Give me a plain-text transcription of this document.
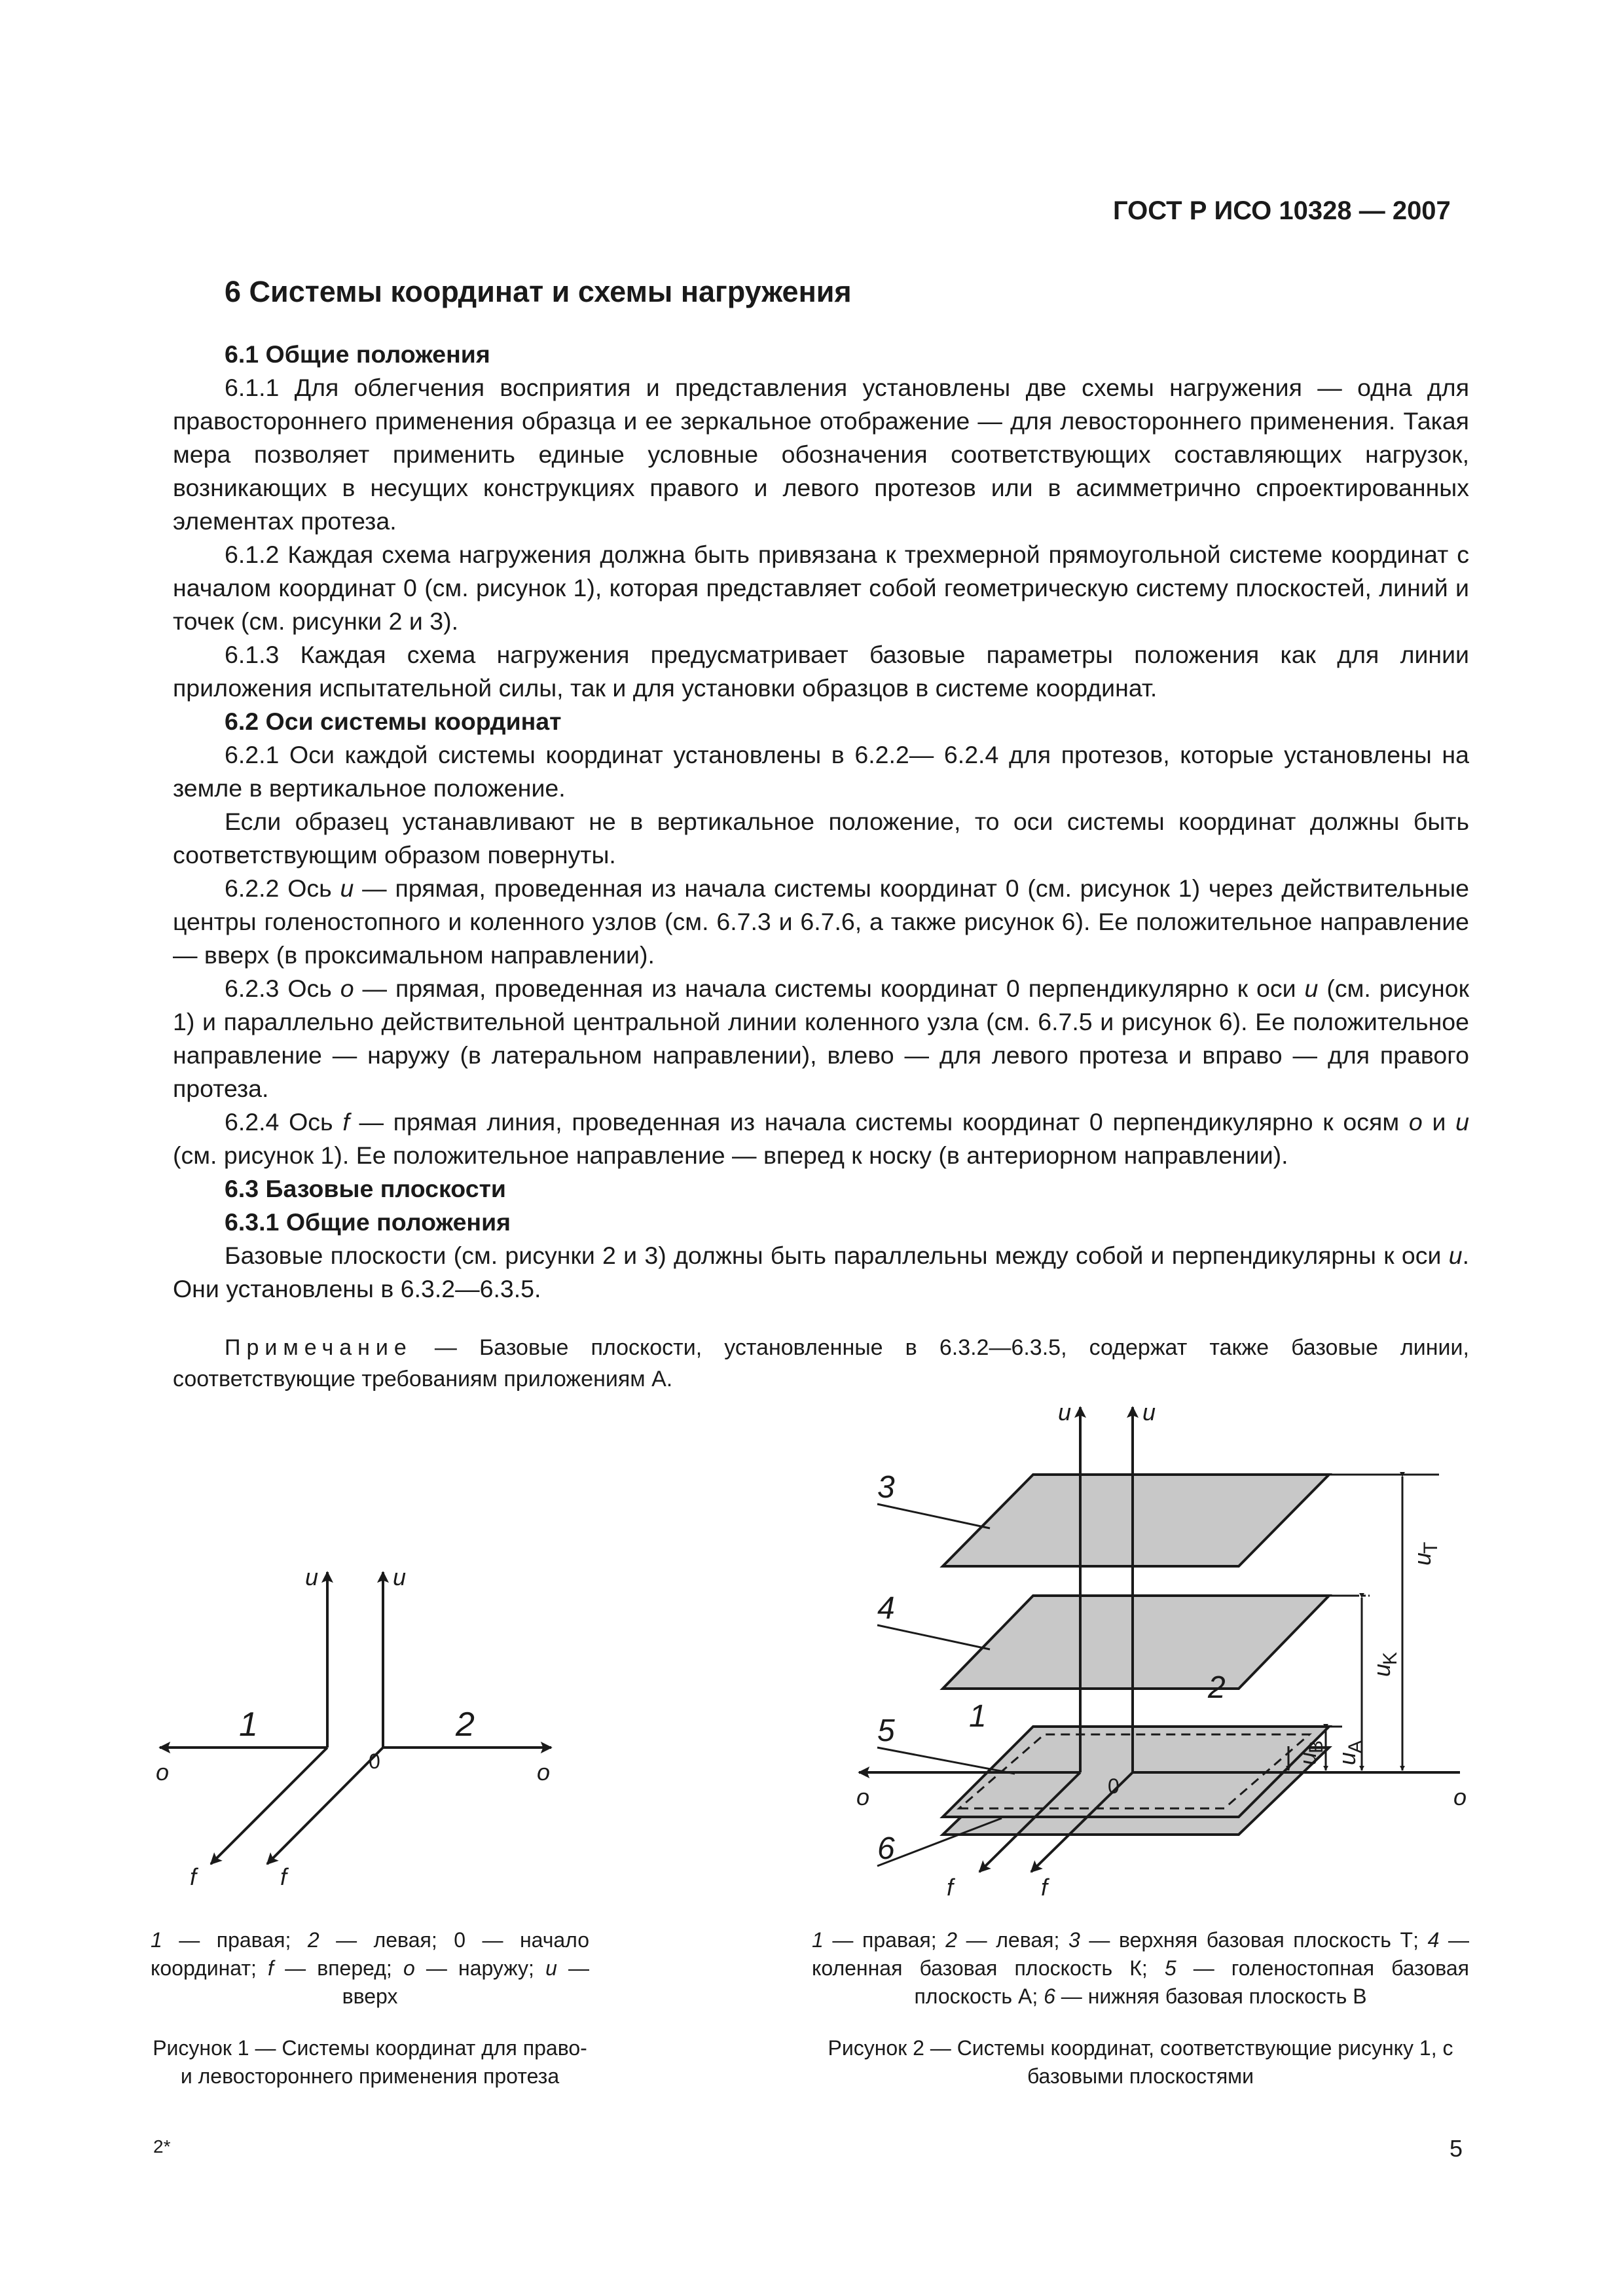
ГОСТ Р ИСО 10328 — 2007

6 Системы координат и схемы нагружения

6.1 Общие положения

6.1.1 Для облегчения восприятия и представления установлены две схемы нагружения — одна для правостороннего применения образца и ее зеркальное отображение — для левостороннего применения. Такая мера позволяет применить единые условные обозначения соответствующих составляющих нагрузок, возникающих в несущих конструкциях правого и левого протезов или в асимметрично спроектированных элементах протеза.

6.1.2 Каждая схема нагружения должна быть привязана к трехмерной прямоугольной системе координат с началом координат 0 (см. рисунок 1), которая представляет собой геометрическую систему плоскостей, линий и точек (см. рисунки 2 и 3).

6.1.3 Каждая схема нагружения предусматривает базовые параметры положения как для линии приложения испытательной силы, так и для установки образцов в системе координат.

6.2 Оси системы координат

6.2.1 Оси каждой системы координат установлены в 6.2.2— 6.2.4 для протезов, которые установлены на земле в вертикальное положение.

Если образец устанавливают не в вертикальное положение, то оси системы координат должны быть соответствующим образом повернуты.

6.2.2 Ось u — прямая, проведенная из начала системы координат 0 (см. рисунок 1) через действительные центры голеностопного и коленного узлов (см. 6.7.3 и 6.7.6, а также рисунок 6). Ее положительное направление — вверх (в проксимальном направлении).

6.2.3 Ось o — прямая, проведенная из начала системы координат 0 перпендикулярно к оси u (см. рисунок 1) и параллельно действительной центральной линии коленного узла (см. 6.7.5 и рисунок 6). Ее положительное направление — наружу (в латеральном направлении), влево — для левого протеза и вправо — для правого протеза.

6.2.4 Ось f — прямая линия, проведенная из начала системы координат 0 перпендикулярно к осям o и u (см. рисунок 1). Ее положительное направление — вперед к носку (в антериорном направлении).

6.3 Базовые плоскости

6.3.1 Общие положения

Базовые плоскости (см. рисунки 2 и 3) должны быть параллельны между собой и перпендикулярны к оси u. Они установлены в 6.3.2—6.3.5.

Примечание — Базовые плоскости, установленные в 6.3.2—6.3.5, содержат также базовые линии, соответствующие требованиям приложениям А.

u	u
o	o
f	f
0
1	2

1 — правая; 2 — левая; 0 — начало координат; f — вперед; o — наружу; u — вверх

Рисунок 1 — Системы координат для право- и левостороннего применения протеза

u	u
o	o
f	f
0
1
2
3
4
5
6
u
T
u
K
u
A
u
B

1 — правая; 2 — левая; 3 — верхняя базовая плоскость Т; 4 — коленная базовая плоскость К; 5 — голеностопная базовая плоскость А; 6 — нижняя базовая плоскость В

Рисунок 2 — Системы координат, соответствующие рисунку 1, с базовыми плоскостями

2*	5
